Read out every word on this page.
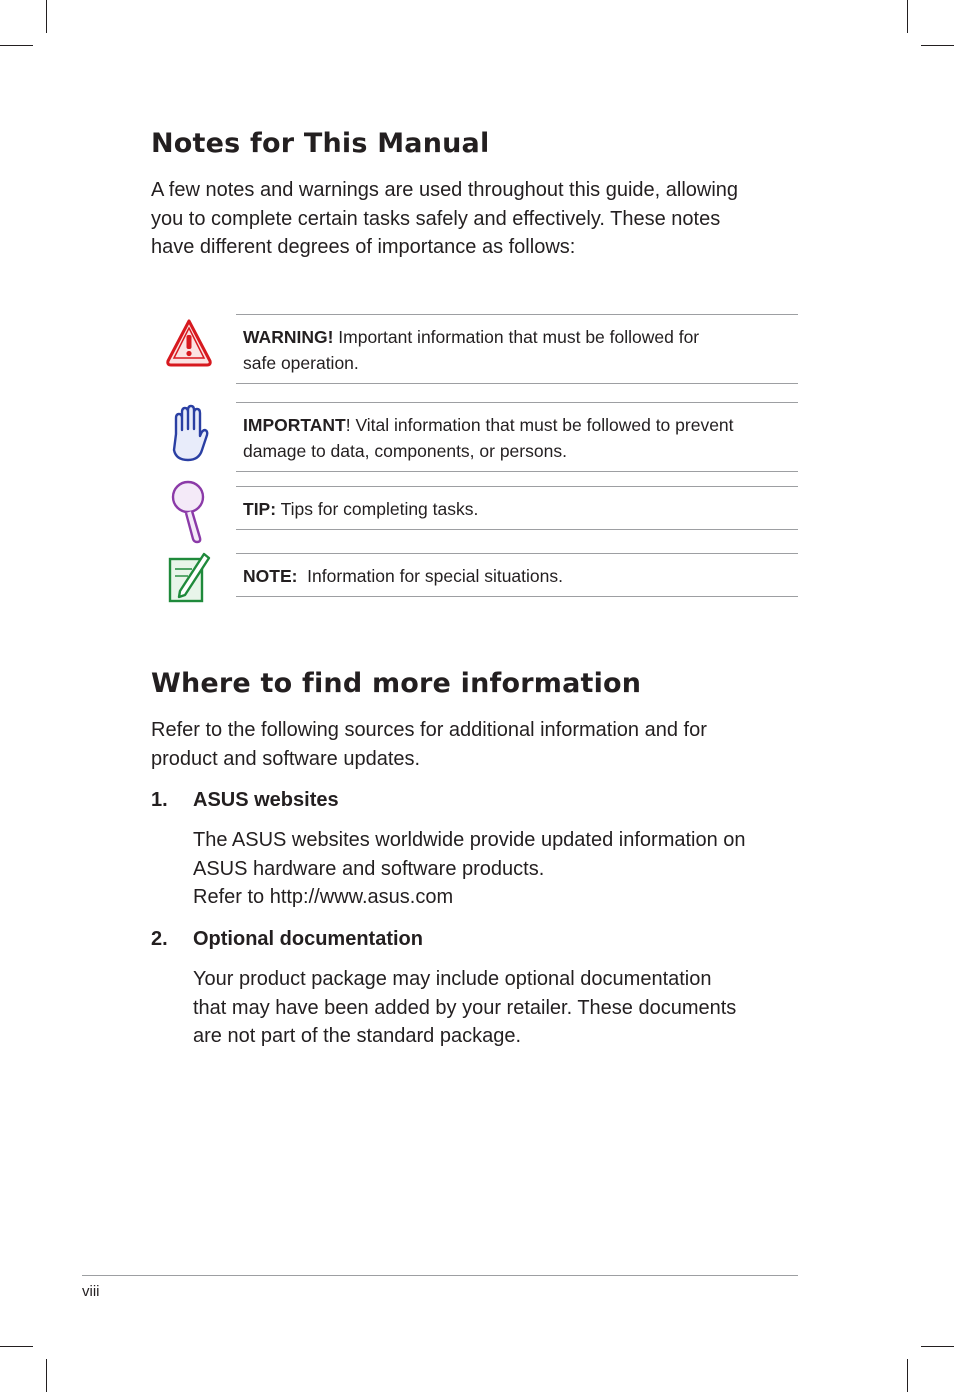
Notes for This Manual

A few notes and warnings are used throughout this guide, allowing
you to complete certain tasks safely and effectively. These notes
have different degrees of importance as follows:

WARNING! Important information that must be followed for
safe operation.

IMPORTANT! Vital information that must be followed to prevent
damage to data, components, or persons.

TIP: Tips for completing tasks.

NOTE:  Information for special situations.

Where to find more information

Refer to the following sources for additional information and for
product and software updates.

1. ASUS websites
The ASUS websites worldwide provide updated information on
ASUS hardware and software products.
Refer to http://www.asus.com
2. Optional documentation
Your product package may include optional documentation
that may have been added by your retailer. These documents
are not part of the standard package.
viii
